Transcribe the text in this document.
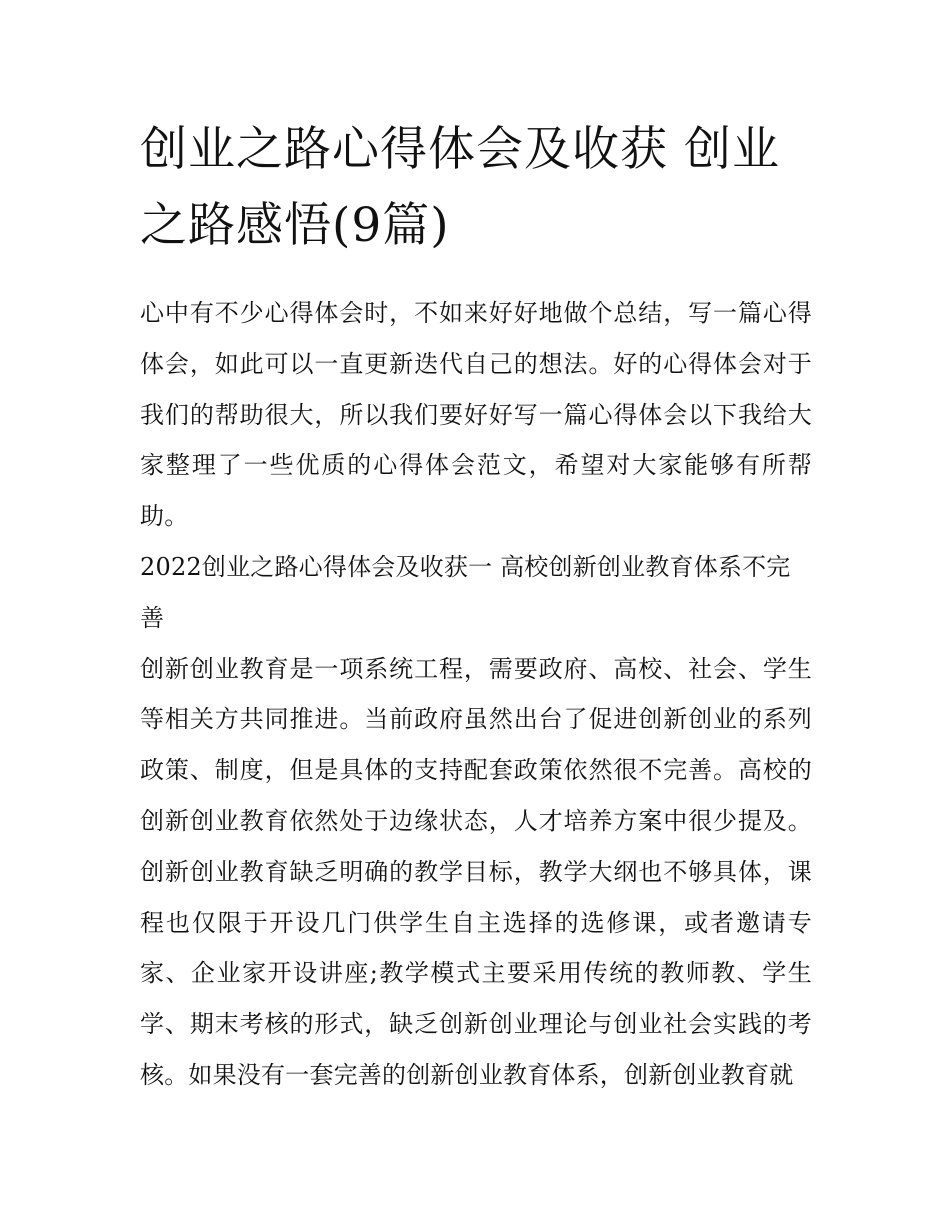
创业之路心得体会及收获 创业之路感悟(9篇)

心中有不少心得体会时，不如来好好地做个总结，写一篇心得体会，如此可以一直更新迭代自己的想法。好的心得体会对于我们的帮助很大，所以我们要好好写一篇心得体会以下我给大家整理了一些优质的心得体会范文，希望对大家能够有所帮助。

2022创业之路心得体会及收获一 高校创新创业教育体系不完善

创新创业教育是一项系统工程，需要政府、高校、社会、学生等相关方共同推进。当前政府虽然出台了促进创新创业的系列政策、制度，但是具体的支持配套政策依然很不完善。高校的创新创业教育依然处于边缘状态，人才培养方案中很少提及。创新创业教育缺乏明确的教学目标，教学大纲也不够具体，课程也仅限于开设几门供学生自主选择的选修课，或者邀请专家、企业家开设讲座;教学模式主要采用传统的教师教、学生学、期末考核的形式，缺乏创新创业理论与创业社会实践的考核。如果没有一套完善的创新创业教育体系，创新创业教育就
